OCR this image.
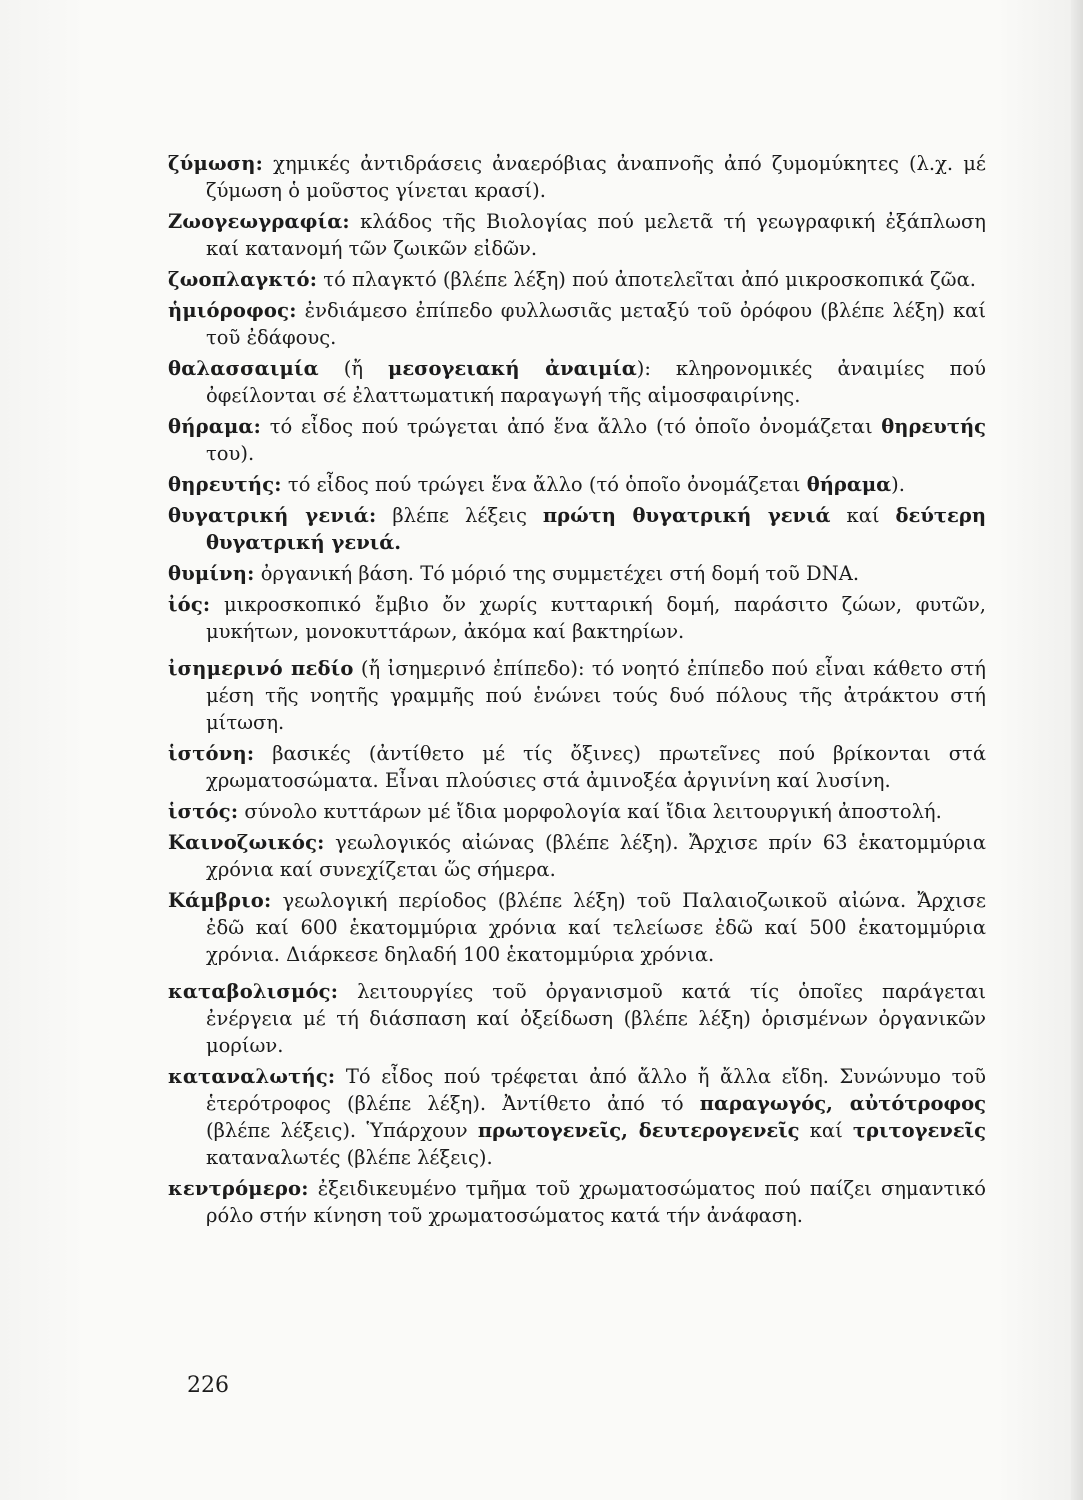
ζύμωση: χημικές ἀντιδράσεις ἀναερόβιας ἀναπνοῆς ἀπό ζυμομύκητες (λ.χ. μέ ζύμωση ὁ μοῦστος γίνεται κρασί).

Ζωογεωγραφία: κλάδος τῆς Βιολογίας πού μελετᾶ τή γεωγραφική ἐξάπλωση καί κατανομή τῶν ζωικῶν εἰδῶν.

ζωοπλαγκτό: τό πλαγκτό (βλέπε λέξη) πού ἀποτελεῖται ἀπό μικροσκοπικά ζῶα.

ἡμιόροφος: ἐνδιάμεσο ἐπίπεδο φυλλωσιᾶς μεταξύ τοῦ ὀρόφου (βλέπε λέξη) καί τοῦ ἐδάφους.

θαλασσαιμία (ἤ μεσογειακή ἀναιμία): κληρονομικές ἀναιμίες πού ὀφείλονται σέ ἐλαττωματική παραγωγή τῆς αἱμοσφαιρίνης.

θήραμα: τό εἶδος πού τρώγεται ἀπό ἕνα ἄλλο (τό ὁποῖο ὀνομάζεται θηρευτής του).

θηρευτής: τό εἶδος πού τρώγει ἕνα ἄλλο (τό ὁποῖο ὀνομάζεται θήραμα).

θυγατρική γενιά: βλέπε λέξεις πρώτη θυγατρική γενιά καί δεύτερη θυγατρική γενιά.

θυμίνη: ὀργανική βάση. Τό μόριό της συμμετέχει στή δομή τοῦ DNA.

ἰός: μικροσκοπικό ἔμβιο ὄν χωρίς κυτταρική δομή, παράσιτο ζώων, φυτῶν, μυκήτων, μονοκυττάρων, ἀκόμα καί βακτηρίων.

ἰσημερινό πεδίο (ἤ ἰσημερινό ἐπίπεδο): τό νοητό ἐπίπεδο πού εἶναι κάθετο στή μέση τῆς νοητῆς γραμμῆς πού ἑνώνει τούς δυό πόλους τῆς ἀτράκτου στή μίτωση.

ἱστόνη: βασικές (ἀντίθετο μέ τίς ὄξινες) πρωτεῖνες πού βρίκονται στά χρωματοσώματα. Εἶναι πλούσιες στά ἀμινοξέα ἀργινίνη καί λυσίνη.

ἱστός: σύνολο κυττάρων μέ ἴδια μορφολογία καί ἴδια λειτουργική ἀποστολή.

Καινοζωικός: γεωλογικός αἰώνας (βλέπε λέξη). Ἄρχισε πρίν 63 ἑκατομμύρια χρόνια καί συνεχίζεται ὥς σήμερα.

Κάμβριο: γεωλογική περίοδος (βλέπε λέξη) τοῦ Παλαιοζωικοῦ αἰώνα. Ἄρχισε ἐδῶ καί 600 ἑκατομμύρια χρόνια καί τελείωσε ἐδῶ καί 500 ἑκατομμύρια χρόνια. Διάρκεσε δηλαδή 100 ἑκατομμύρια χρόνια.

καταβολισμός: λειτουργίες τοῦ ὀργανισμοῦ κατά τίς ὁποῖες παράγεται ἐνέργεια μέ τή διάσπαση καί ὀξείδωση (βλέπε λέξη) ὁρισμένων ὀργανικῶν μορίων.

καταναλωτής: Τό εἶδος πού τρέφεται ἀπό ἄλλο ἤ ἄλλα εἴδη. Συνώνυμο τοῦ ἑτερότροφος (βλέπε λέξη). Ἀντίθετο ἀπό τό παραγωγός, αὐτότροφος (βλέπε λέξεις). Ὑπάρχουν πρωτογενεῖς, δευτερογενεῖς καί τριτογενεῖς καταναλωτές (βλέπε λέξεις).

κεντρόμερο: ἐξειδικευμένο τμῆμα τοῦ χρωματοσώματος πού παίζει σημαντικό ρόλο στήν κίνηση τοῦ χρωματοσώματος κατά τήν ἀνάφαση.

226
